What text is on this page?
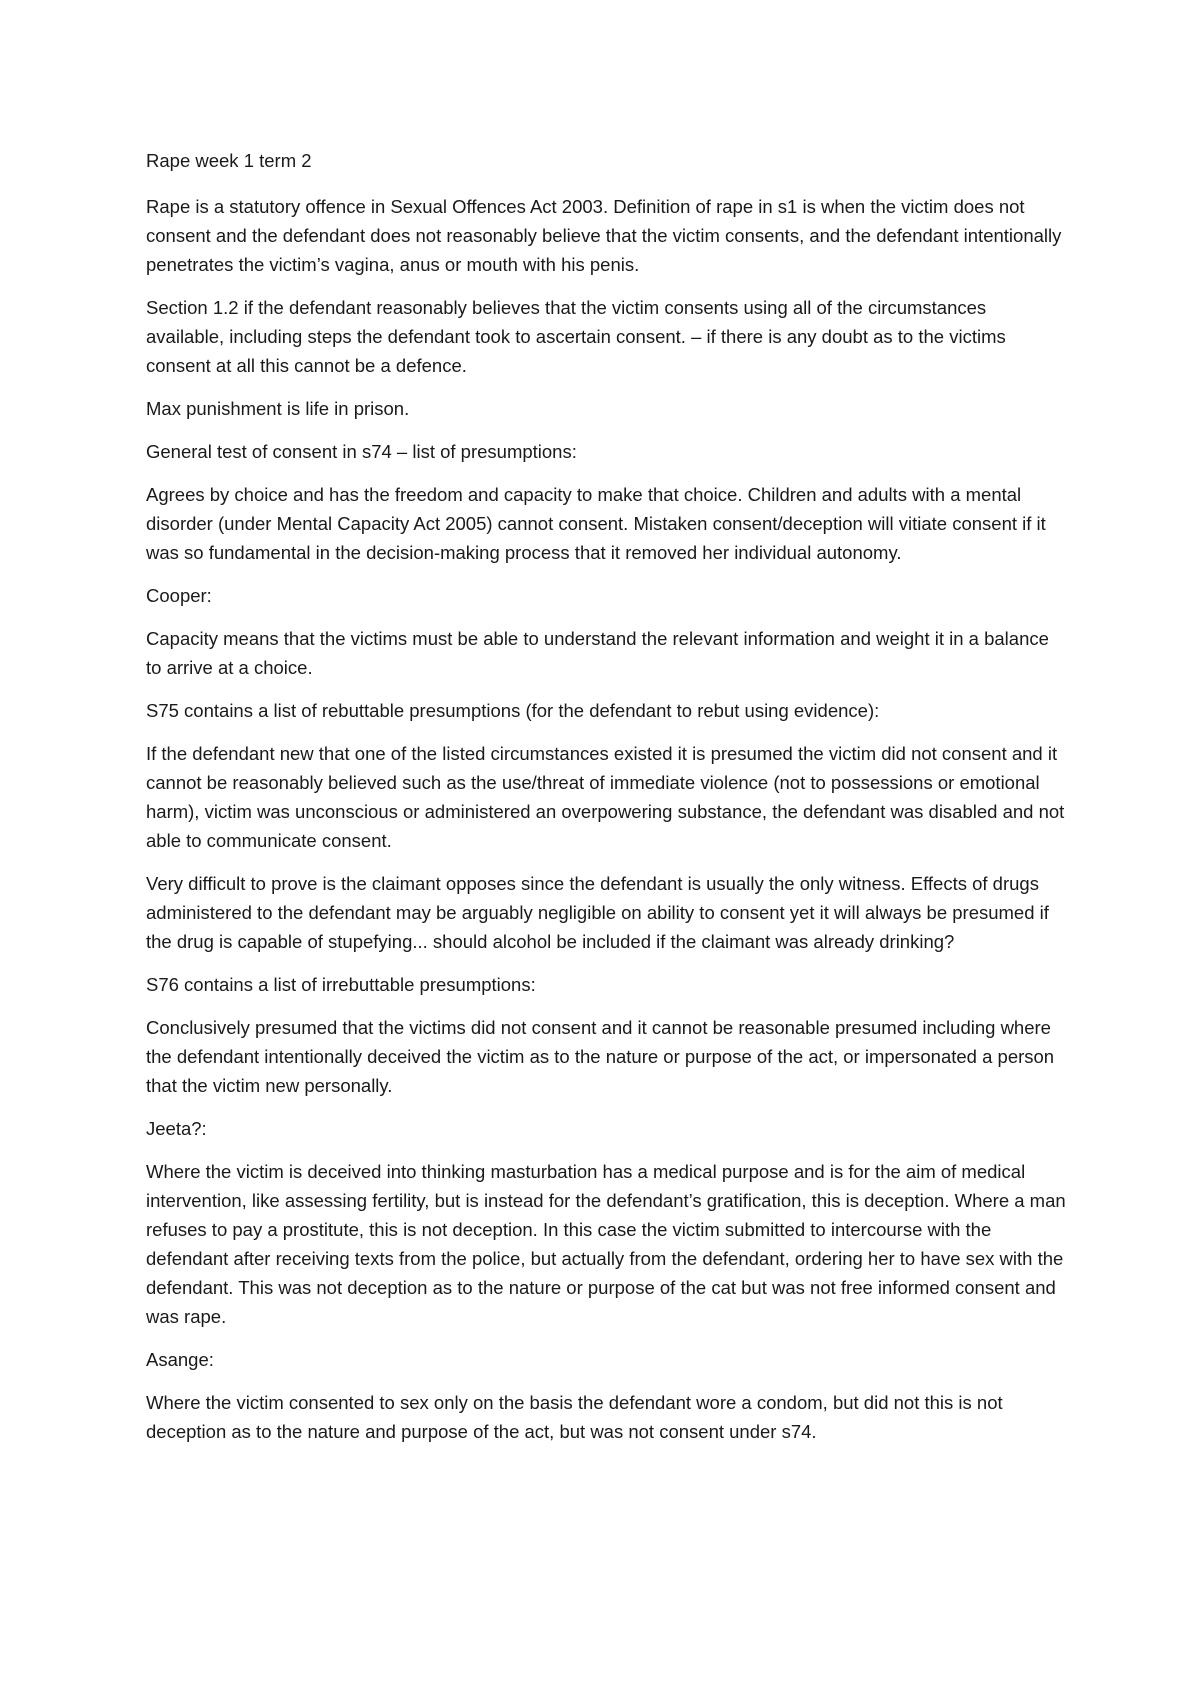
Rape week 1 term 2

Rape is a statutory offence in Sexual Offences Act 2003. Definition of rape in s1 is when the victim does not consent and the defendant does not reasonably believe that the victim consents, and the defendant intentionally penetrates the victim’s vagina, anus or mouth with his penis.

Section 1.2 if the defendant reasonably believes that the victim consents using all of the circumstances available, including steps the defendant took to ascertain consent. – if there is any doubt as to the victims consent at all this cannot be a defence.

Max punishment is life in prison.

General test of consent in s74 – list of presumptions:

Agrees by choice and has the freedom and capacity to make that choice. Children and adults with a mental disorder (under Mental Capacity Act 2005) cannot consent. Mistaken consent/deception will vitiate consent if it was so fundamental in the decision-making process that it removed her individual autonomy.

Cooper:

Capacity means that the victims must be able to understand the relevant information and weight it in a balance to arrive at a choice.

S75 contains a list of rebuttable presumptions (for the defendant to rebut using evidence):

If the defendant new that one of the listed circumstances existed it is presumed the victim did not consent and it cannot be reasonably believed such as the use/threat of immediate violence (not to possessions or emotional harm), victim was unconscious or administered an overpowering substance, the defendant was disabled and not able to communicate consent.

Very difficult to prove is the claimant opposes since the defendant is usually the only witness. Effects of drugs administered to the defendant may be arguably negligible on ability to consent yet it will always be presumed if the drug is capable of stupefying... should alcohol be included if the claimant was already drinking?

S76 contains a list of irrebuttable presumptions:

Conclusively presumed that the victims did not consent and it cannot be reasonable presumed including where the defendant intentionally deceived the victim as to the nature or purpose of the act, or impersonated a person that the victim new personally.

Jeeta?:

Where the victim is deceived into thinking masturbation has a medical purpose and is for the aim of medical intervention, like assessing fertility, but is instead for the defendant’s gratification, this is deception. Where a man refuses to pay a prostitute, this is not deception. In this case the victim submitted to intercourse with the defendant after receiving texts from the police, but actually from the defendant, ordering her to have sex with the defendant. This was not deception as to the nature or purpose of the cat but was not free informed consent and was rape.

Asange:

Where the victim consented to sex only on the basis the defendant wore a condom, but did not this is not deception as to the nature and purpose of the act, but was not consent under s74.
